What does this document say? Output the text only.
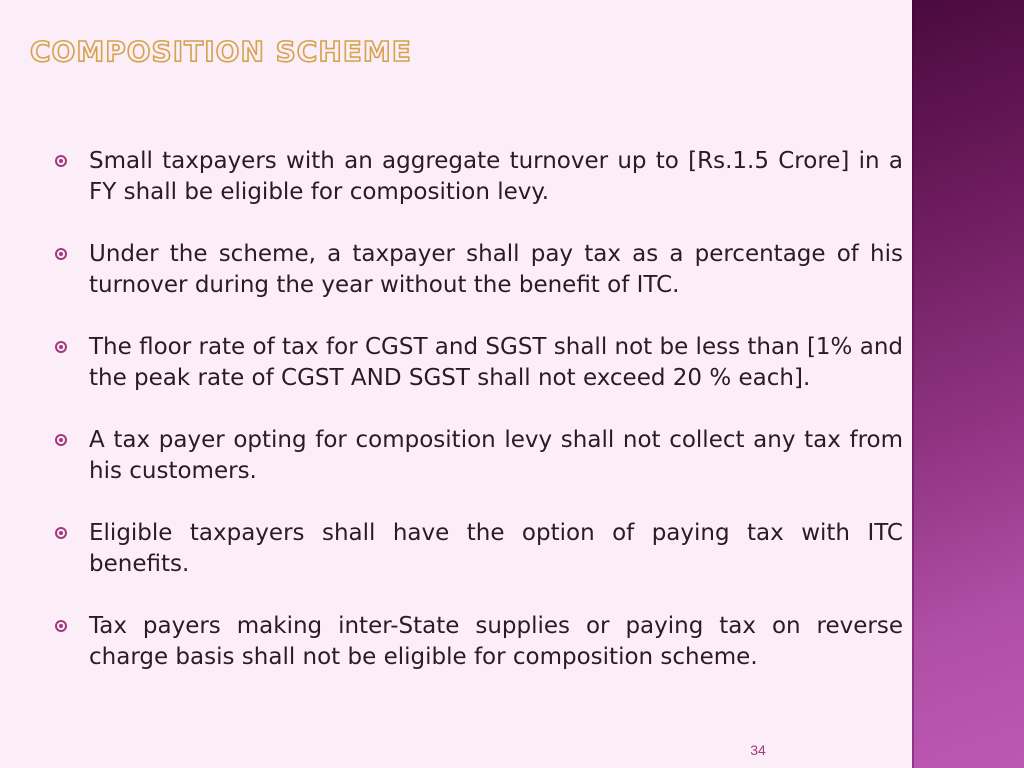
COMPOSITION SCHEME
Small taxpayers with an aggregate turnover up to [Rs.1.5 Crore] in a FY shall be eligible for composition levy.
Under the scheme, a taxpayer shall pay tax as a percentage of his turnover during the year without the benefit of ITC.
The floor rate of tax for CGST and SGST shall not be less than [1% and the peak rate of CGST AND SGST shall not exceed 20 % each].
A tax payer opting for composition levy shall not collect any tax from his customers.
Eligible taxpayers shall have the option of paying tax with ITC benefits.
Tax payers making inter-State supplies or paying tax on reverse charge basis shall not be eligible for composition scheme.
34
